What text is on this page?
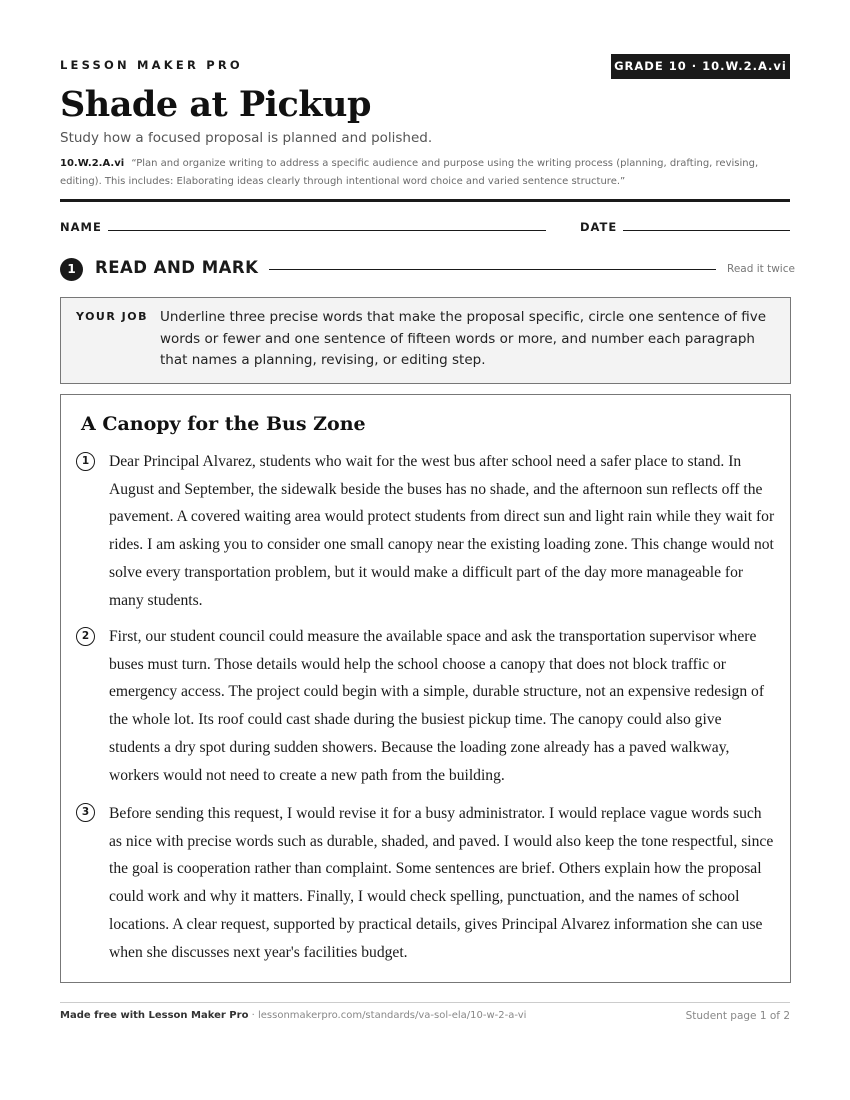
LESSON MAKER PRO	GRADE 10 · 10.W.2.A.vi
Shade at Pickup
Study how a focused proposal is planned and polished.
10.W.2.A.vi “Plan and organize writing to address a specific audience and purpose using the writing process (planning, drafting, revising, editing). This includes: Elaborating ideas clearly through intentional word choice and varied sentence structure.”
NAME	DATE
1	READ AND MARK	Read it twice
YOUR JOB Underline three precise words that make the proposal specific, circle one sentence of five words or fewer and one sentence of fifteen words or more, and number each paragraph that names a planning, revising, or editing step.
A Canopy for the Bus Zone
1	Dear Principal Alvarez, students who wait for the west bus after school need a safer place to stand. In August and September, the sidewalk beside the buses has no shade, and the afternoon sun reflects off the pavement. A covered waiting area would protect students from direct sun and light rain while they wait for rides. I am asking you to consider one small canopy near the existing loading zone. This change would not solve every transportation problem, but it would make a difficult part of the day more manageable for many students.

2	First, our student council could measure the available space and ask the transportation supervisor where buses must turn. Those details would help the school choose a canopy that does not block traffic or emergency access. The project could begin with a simple, durable structure, not an expensive redesign of the whole lot. Its roof could cast shade during the busiest pickup time. The canopy could also give students a dry spot during sudden showers. Because the loading zone already has a paved walkway, workers would not need to create a new path from the building.

3	Before sending this request, I would revise it for a busy administrator. I would replace vague words such as nice with precise words such as durable, shaded, and paved. I would also keep the tone respectful, since the goal is cooperation rather than complaint. Some sentences are brief. Others explain how the proposal could work and why it matters. Finally, I would check spelling, punctuation, and the names of school locations. A clear request, supported by practical details, gives Principal Alvarez information she can use when she discusses next year's facilities budget.

Made free with Lesson Maker Pro · lessonmakerpro.com/standards/va-sol-ela/10-w-2-a-vi	Student page 1 of 2
